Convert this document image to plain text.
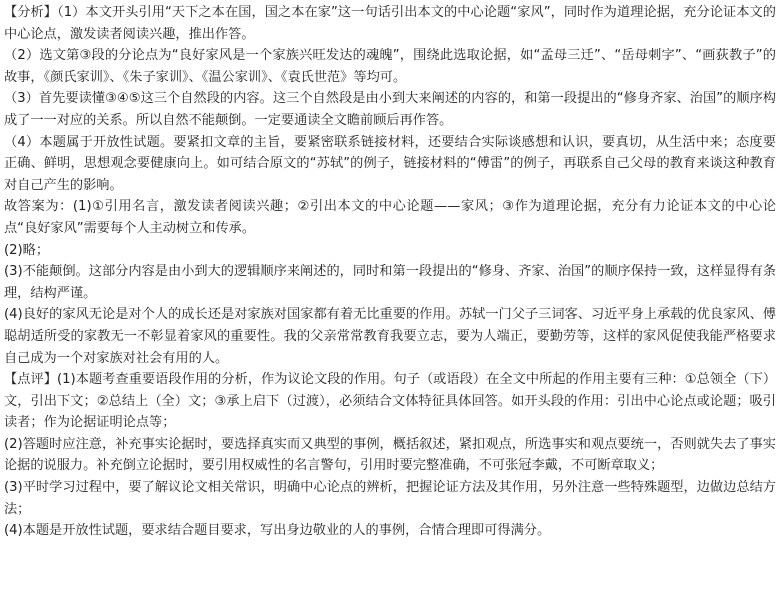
【分析】（1）本文开头引用“天下之本在国，国之本在家”这一句话引出本文的中心论题“家风”，同时作为道理论据，充分论证本文的中心论点，激发读者阅读兴趣，推出作答。

（2）选文第③段的分论点为“良好家风是一个家族兴旺发达的魂魄”，围绕此选取论据，如“孟母三迁”、“岳母刺字”、“画荻教子”的故事，《颜氏家训》、《朱子家训》、《温公家训》、《袁氏世范》等均可。

（3）首先要读懂③④⑤这三个自然段的内容。这三个自然段是由小到大来阐述的内容的，和第一段提出的“修身齐家、治国”的顺序构成了一一对应的关系。所以自然不能颠倒。一定要通读全文瞻前顾后再作答。

（4）本题属于开放性试题。要紧扣文章的主旨，要紧密联系链接材料，还要结合实际谈感想和认识，要真切，从生活中来；态度要正确、鲜明，思想观念要健康向上。如可结合原文的“苏轼”的例子，链接材料的“傅雷”的例子，再联系自己父母的教育来谈这种教育对自己产生的影响。

故答案为：(1)①引用名言，激发读者阅读兴趣；②引出本文的中心论题——家风；③作为道理论据，充分有力论证本文的中心论点“良好家风”需要每个人主动树立和传承。

(2)略；

(3)不能颠倒。这部分内容是由小到大的逻辑顺序来阐述的，同时和第一段提出的“修身、齐家、治国”的顺序保持一致，这样显得有条理，结构严谨。

(4)良好的家风无论是对个人的成长还是对家族对国家都有着无比重要的作用。苏轼一门父子三词客、习近平身上承载的优良家风、傅聪胡适所受的家教无一不彰显着家风的重要性。我的父亲常常教育我要立志，要为人端正，要勤劳等，这样的家风促使我能严格要求自己成为一个对家族对社会有用的人。

【点评】(1)本题考查重要语段作用的分析，作为议论文段的作用。句子（或语段）在全文中所起的作用主要有三种：①总领全（下）文，引出下文；②总结上（全）文；③承上启下（过渡），必须结合文体特征具体回答。如开头段的作用：引出中心论点或论题；吸引读者；作为论据证明论点等；

(2)答题时应注意，补充事实论据时，要选择真实而又典型的事例，概括叙述，紧扣观点，所选事实和观点要统一，否则就失去了事实论据的说服力。补充倒立论据时，要引用权威性的名言警句，引用时要完整准确，不可张冠李戴，不可断章取义；

(3)平时学习过程中，要了解议论文相关常识，明确中心论点的辨析，把握论证方法及其作用，另外注意一些特殊题型，边做边总结方法；

(4)本题是开放性试题，要求结合题目要求，写出身边敬业的人的事例，合情合理即可得满分。
